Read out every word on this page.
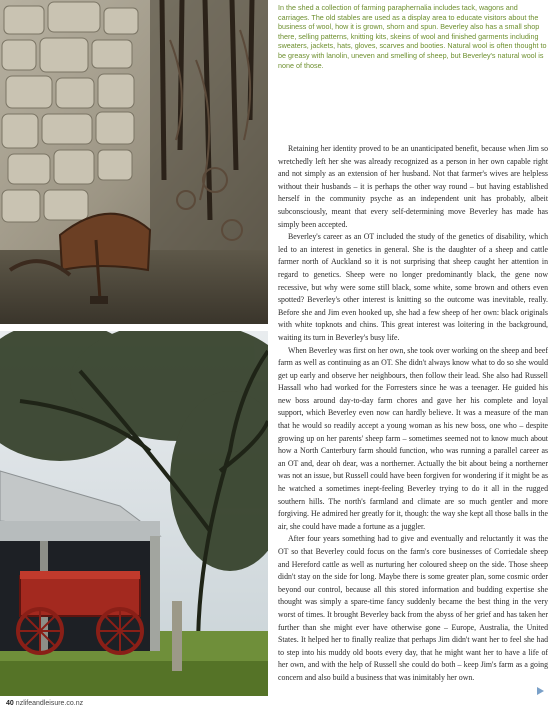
In the shed a collection of farming paraphernalia includes tack, wagons and carriages. The old stables are used as a display area to educate visitors about the business of wool, how it is grown, shorn and spun. Beverley also has a small shop there, selling patterns, knitting kits, skeins of wool and finished garments including sweaters, jackets, hats, gloves, scarves and booties. Natural wool is often thought to be greasy with lanolin, uneven and smelling of sheep, but Beverley's natural wool is none of those.

Retaining her identity proved to be an unanticipated benefit, because when Jim so wretchedly left her she was already recognized as a person in her own capable right and not simply as an extension of her husband. Not that farmer's wives are helpless without their husbands – it is perhaps the other way round – but having established herself in the community psyche as an independent unit has probably, albeit subconsciously, meant that every self-determining move Beverley has made has simply been accepted.

Beverley's career as an OT included the study of the genetics of disability, which led to an interest in genetics in general. She is the daughter of a sheep and cattle farmer north of Auckland so it is not surprising that sheep caught her attention in regard to genetics. Sheep were no longer predominantly black, the gene now recessive, but why were some still black, some white, some brown and others even spotted? Beverley's other interest is knitting so the outcome was inevitable, really. Before she and Jim even hooked up, she had a few sheep of her own: black originals with white topknots and chins. This great interest was loitering in the background, waiting its turn in Beverley's busy life.

When Beverley was first on her own, she took over working on the sheep and beef farm as well as continuing as an OT. She didn't always know what to do so she would get up early and observe her neighbours, then follow their lead. She also had Russell Hassall who had worked for the Forresters since he was a teenager. He guided his new boss around day-to-day farm chores and gave her his complete and loyal support, which Beverley even now can hardly believe. It was a measure of the man that he would so readily accept a young woman as his new boss, one who – despite growing up on her parents' sheep farm – sometimes seemed not to know much about how a North Canterbury farm should function, who was running a parallel career as an OT and, dear oh dear, was a northerner. Actually the bit about being a northerner was not an issue, but Russell could have been forgiven for wondering if it might be as he watched a sometimes inept-feeling Beverley trying to do it all in the rugged southern hills. The north's farmland and climate are so much gentler and more forgiving. He admired her greatly for it, though: the way she kept all those balls in the air, she could have made a fortune as a juggler.

After four years something had to give and eventually and reluctantly it was the OT so that Beverley could focus on the farm's core businesses of Corriedale sheep and Hereford cattle as well as nurturing her coloured sheep on the side. Those sheep didn't stay on the side for long. Maybe there is some greater plan, some cosmic order beyond our control, because all this stored information and budding expertise she thought was simply a spare-time fancy suddenly became the best thing in the very worst of times. It brought Beverley back from the abyss of her grief and has taken her further than she might ever have otherwise gone – Europe, Australia, the United States. It helped her to finally realize that perhaps Jim didn't want her to feel she had to step into his muddy old boots every day, that he might want her to have a life of her own, and with the help of Russell she could do both – keep Jim's farm as a going concern and also build a business that was inimitably her own.

40 nzlifeandleisure.co.nz
